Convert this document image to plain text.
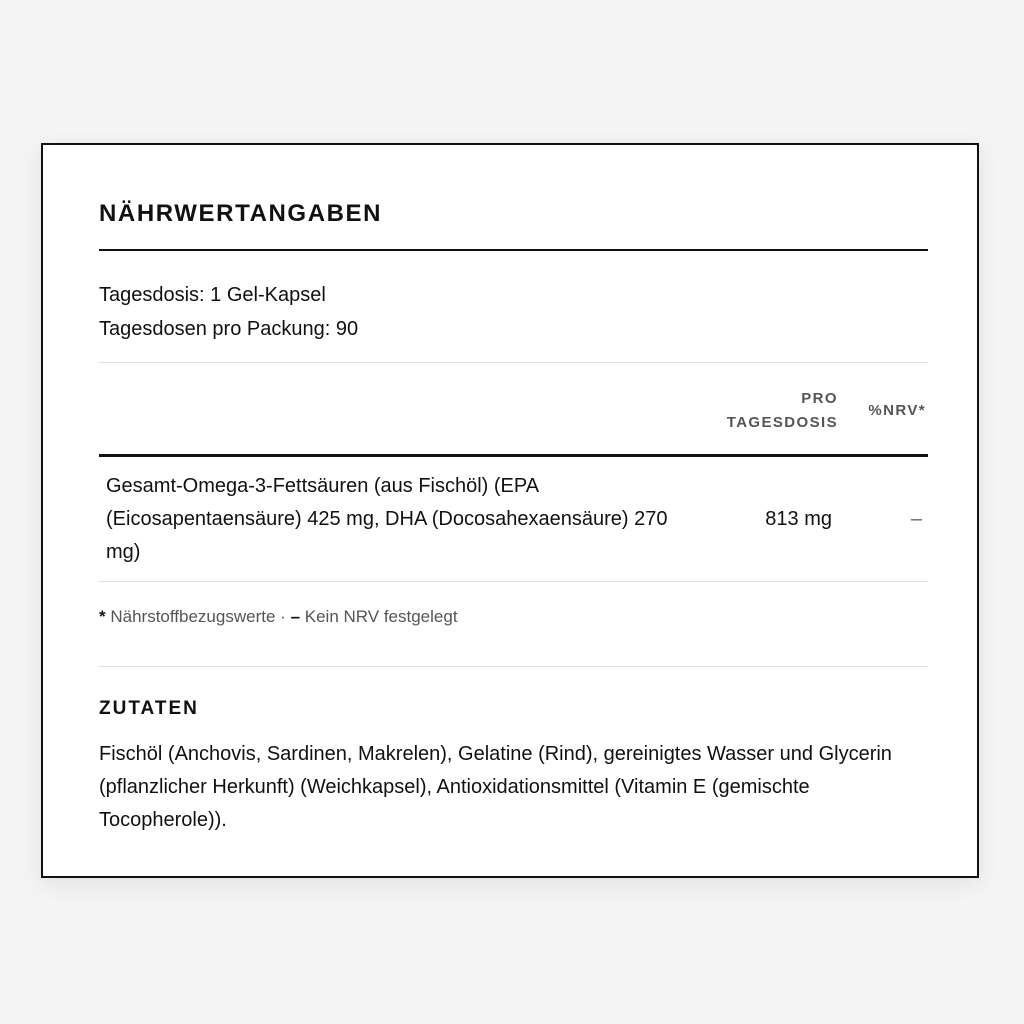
NÄHRWERTANGABEN
Tagesdosis: 1 Gel-Kapsel
Tagesdosen pro Packung: 90
PRO
TAGESDOSIS
%NRV*
Gesamt-Omega-3-Fettsäuren (aus Fischöl) (EPA (Eicosapentaensäure) 425 mg, DHA (Docosahexaensäure) 270 mg)
813 mg	–
* Nährstoffbezugswerte · – Kein NRV festgelegt
ZUTATEN
Fischöl (Anchovis, Sardinen, Makrelen), Gelatine (Rind), gereinigtes Wasser und Glycerin (pflanzlicher Herkunft) (Weichkapsel), Antioxidationsmittel (Vitamin E (gemischte Tocopherole)).
